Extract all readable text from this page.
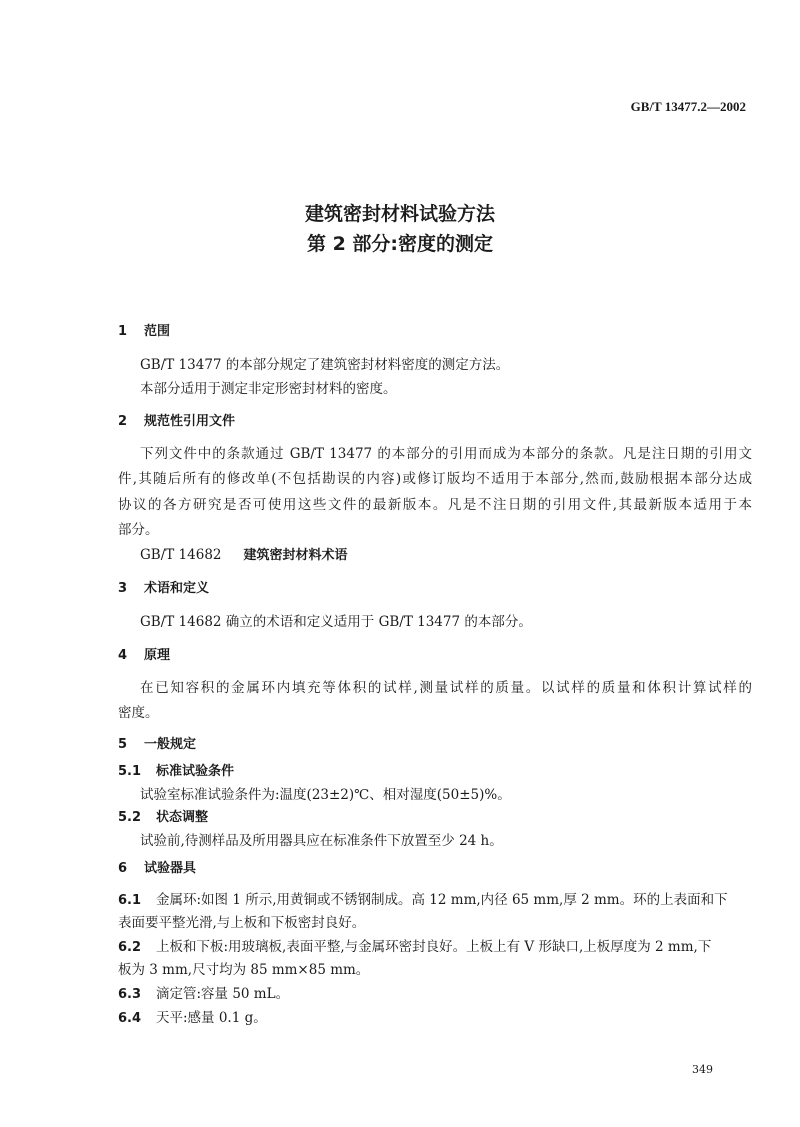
GB/T 13477.2—2002
建筑密封材料试验方法
第 2 部分:密度的测定
1 范围
GB/T 13477 的本部分规定了建筑密封材料密度的测定方法。
本部分适用于测定非定形密封材料的密度。
2 规范性引用文件
下列文件中的条款通过 GB/T 13477 的本部分的引用而成为本部分的条款。凡是注日期的引用文
件,其随后所有的修改单(不包括勘误的内容)或修订版均不适用于本部分,然而,鼓励根据本部分达成
协议的各方研究是否可使用这些文件的最新版本。凡是不注日期的引用文件,其最新版本适用于本
部分。
GB/T 14682 建筑密封材料术语
3 术语和定义
GB/T 14682 确立的术语和定义适用于 GB/T 13477 的本部分。
4 原理
在已知容积的金属环内填充等体积的试样,测量试样的质量。以试样的质量和体积计算试样的
密度。
5 一般规定
5.1 标准试验条件
试验室标准试验条件为:温度(23±2)℃、相对湿度(50±5)%。
5.2 状态调整
试验前,待测样品及所用器具应在标准条件下放置至少 24 h。
6 试验器具
6.1 金属环:如图 1 所示,用黄铜或不锈钢制成。高 12 mm,内径 65 mm,厚 2 mm。环的上表面和下
表面要平整光滑,与上板和下板密封良好。
6.2 上板和下板:用玻璃板,表面平整,与金属环密封良好。上板上有 V 形缺口,上板厚度为 2 mm,下
板为 3 mm,尺寸均为 85 mm×85 mm。
6.3 滴定管:容量 50 mL。
6.4 天平:感量 0.1 g。
349
